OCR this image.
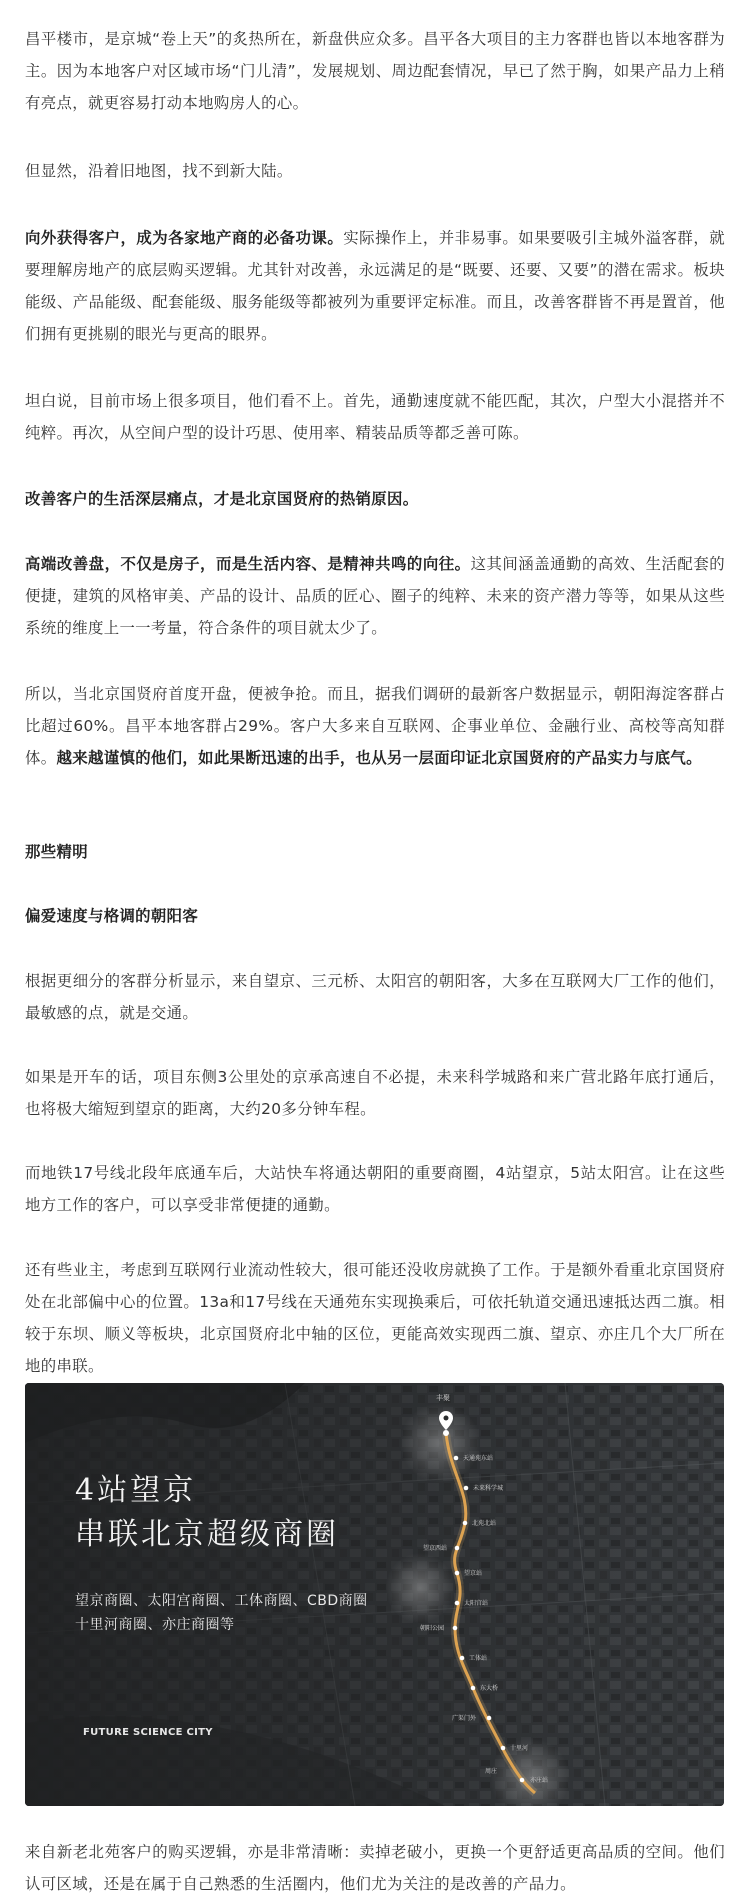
昌平楼市，是京城“卷上天”的炙热所在，新盘供应众多。昌平各大项目的主力客群也皆以本地客群为主。因为本地客户对区域市场“门儿清”，发展规划、周边配套情况，早已了然于胸，如果产品力上稍有亮点，就更容易打动本地购房人的心。

但显然，沿着旧地图，找不到新大陆。

向外获得客户，成为各家地产商的必备功课。实际操作上，并非易事。如果要吸引主城外溢客群，就要理解房地产的底层购买逻辑。尤其针对改善，永远满足的是“既要、还要、又要”的潜在需求。板块能级、产品能级、配套能级、服务能级等都被列为重要评定标准。而且，改善客群皆不再是置首，他们拥有更挑剔的眼光与更高的眼界。

坦白说，目前市场上很多项目，他们看不上。首先，通勤速度就不能匹配，其次，户型大小混搭并不纯粹。再次，从空间户型的设计巧思、使用率、精装品质等都乏善可陈。

改善客户的生活深层痛点，才是北京国贤府的热销原因。

高端改善盘，不仅是房子，而是生活内容、是精神共鸣的向往。这其间涵盖通勤的高效、生活配套的便捷，建筑的风格审美、产品的设计、品质的匠心、圈子的纯粹、未来的资产潜力等等，如果从这些系统的维度上一一考量，符合条件的项目就太少了。

所以，当北京国贤府首度开盘，便被争抢。而且，据我们调研的最新客户数据显示，朝阳海淀客群占比超过60%。昌平本地客群占29%。客户大多来自互联网、企事业单位、金融行业、高校等高知群体。越来越谨慎的他们，如此果断迅速的出手，也从另一层面印证北京国贤府的产品实力与底气。

那些精明

偏爱速度与格调的朝阳客

根据更细分的客群分析显示，来自望京、三元桥、太阳宫的朝阳客，大多在互联网大厂工作的他们，最敏感的点，就是交通。

如果是开车的话，项目东侧3公里处的京承高速自不必提，未来科学城路和来广营北路年底打通后，也将极大缩短到望京的距离，大约20多分钟车程。

而地铁17号线北段年底通车后，大站快车将通达朝阳的重要商圈，4站望京，5站太阳宫。让在这些地方工作的客户，可以享受非常便捷的通勤。

还有些业主，考虑到互联网行业流动性较大，很可能还没收房就换了工作。于是额外看重北京国贤府处在北部偏中心的位置。13a和17号线在天通苑东实现换乘后，可依托轨道交通迅速抵达西二旗。相较于东坝、顺义等板块，北京国贤府北中轴的区位，更能高效实现西二旗、望京、亦庄几个大厂所在地的串联。

4站望京
串联北京超级商圈
望京商圈、太阳宫商圈、工体商圈、CBD商圈
十里河商圈、亦庄商圈等
FUTURE SCIENCE CITY
丰聚
天通苑东站
未来科学城
北苑北站
望京西站
望京站
太阳宫站
朝阳公园
工体站
东大桥
广渠门外
十里河
周庄
亦庄站

来自新老北苑客户的购买逻辑，亦是非常清晰：卖掉老破小，更换一个更舒适更高品质的空间。他们认可区域，还是在属于自己熟悉的生活圈内，他们尤为关注的是改善的产品力。
